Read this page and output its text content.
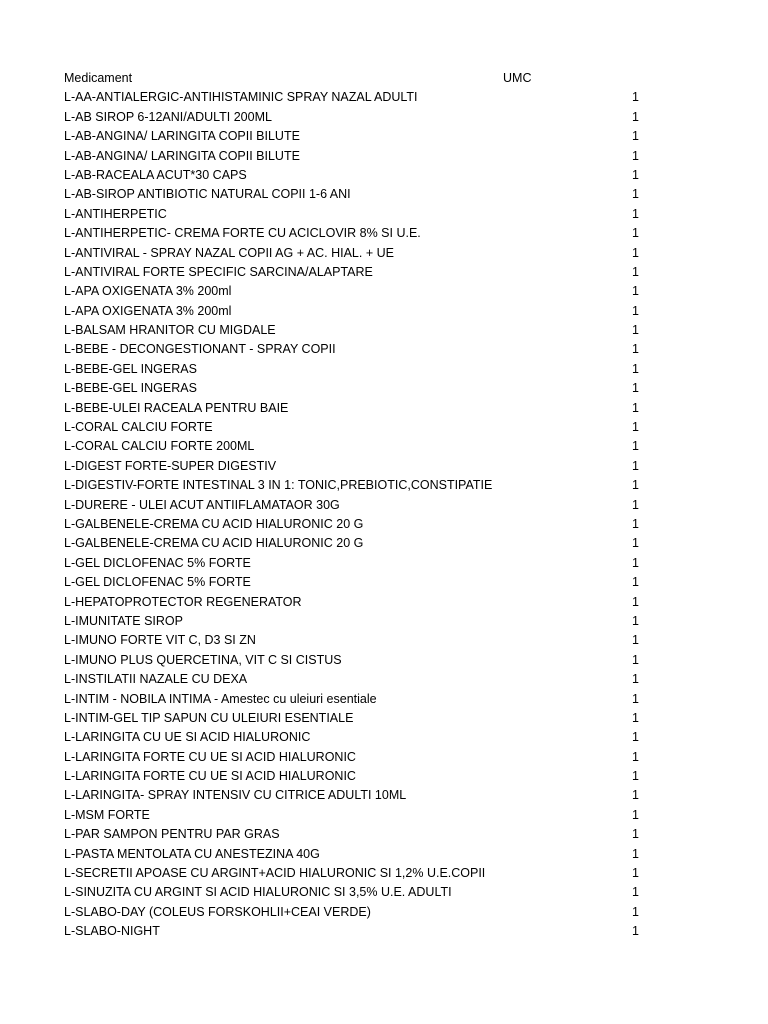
Medicament	UMC
L-AA-ANTIALERGIC-ANTIHISTAMINIC SPRAY NAZAL ADULTI	1
L-AB SIROP 6-12ANI/ADULTI 200ML	1
L-AB-ANGINA/ LARINGITA COPII BILUTE	1
L-AB-ANGINA/ LARINGITA COPII BILUTE	1
L-AB-RACEALA ACUT*30 CAPS	1
L-AB-SIROP ANTIBIOTIC NATURAL COPII 1-6 ANI	1
L-ANTIHERPETIC	1
L-ANTIHERPETIC- CREMA FORTE CU ACICLOVIR 8% SI U.E.	1
L-ANTIVIRAL - SPRAY NAZAL COPII AG + AC. HIAL. + UE	1
L-ANTIVIRAL FORTE SPECIFIC SARCINA/ALAPTARE	1
L-APA OXIGENATA 3% 200ml	1
L-APA OXIGENATA 3% 200ml	1
L-BALSAM HRANITOR CU MIGDALE	1
L-BEBE - DECONGESTIONANT - SPRAY COPII	1
L-BEBE-GEL INGERAS	1
L-BEBE-GEL INGERAS	1
L-BEBE-ULEI RACEALA PENTRU BAIE	1
L-CORAL CALCIU FORTE	1
L-CORAL CALCIU FORTE 200ML	1
L-DIGEST FORTE-SUPER DIGESTIV	1
L-DIGESTIV-FORTE INTESTINAL 3 IN 1: TONIC,PREBIOTIC,CONSTIPATIE	1
L-DURERE - ULEI ACUT ANTIIFLAMATAOR 30G	1
L-GALBENELE-CREMA CU ACID HIALURONIC 20 G	1
L-GALBENELE-CREMA CU ACID HIALURONIC 20 G	1
L-GEL DICLOFENAC 5% FORTE	1
L-GEL DICLOFENAC 5% FORTE	1
L-HEPATOPROTECTOR REGENERATOR	1
L-IMUNITATE SIROP	1
L-IMUNO FORTE VIT C, D3 SI ZN	1
L-IMUNO PLUS QUERCETINA, VIT C SI CISTUS	1
L-INSTILATII NAZALE CU DEXA	1
L-INTIM - NOBILA INTIMA - Amestec cu uleiuri esentiale	1
L-INTIM-GEL TIP SAPUN CU ULEIURI ESENTIALE	1
L-LARINGITA CU UE SI ACID HIALURONIC	1
L-LARINGITA FORTE CU UE SI ACID HIALURONIC	1
L-LARINGITA FORTE CU UE SI ACID HIALURONIC	1
L-LARINGITA- SPRAY INTENSIV CU CITRICE ADULTI 10ML	1
L-MSM FORTE	1
L-PAR SAMPON PENTRU PAR GRAS	1
L-PASTA MENTOLATA CU ANESTEZINA 40G	1
L-SECRETII APOASE CU ARGINT+ACID HIALURONIC SI 1,2% U.E.COPII	1
L-SINUZITA CU ARGINT SI ACID HIALURONIC SI 3,5% U.E. ADULTI	1
L-SLABO-DAY (COLEUS FORSKOHLII+CEAI VERDE)	1
L-SLABO-NIGHT	1
